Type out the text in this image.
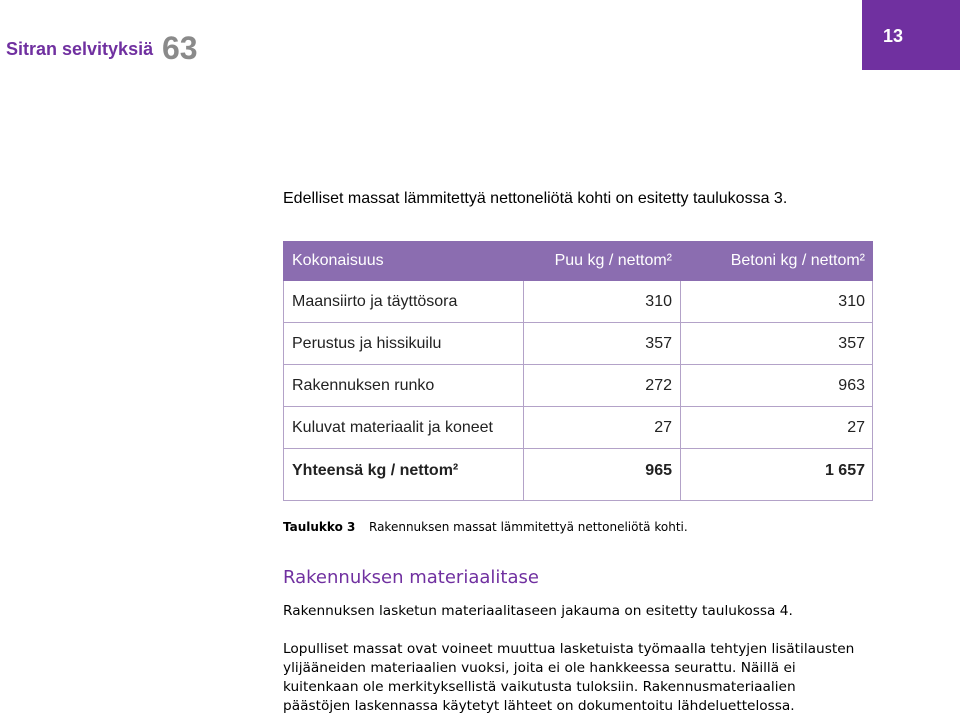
Sitran selvityksiä 63	13
Edelliset massat lämmitettyä nettoneliötä kohti on esitetty taulukossa 3.
Kokonaisuus	Puu kg / nettom²	Betoni kg / nettom²
Maansiirto ja täyttösora	310	310
Perustus ja hissikuilu	357	357
Rakennuksen runko	272	963
Kuluvat materiaalit ja koneet	27	27
Yhteensä kg / nettom²	965	1 657
Taulukko 3 Rakennuksen massat lämmitettyä nettoneliötä kohti.
Rakennuksen materiaalitase
Rakennuksen lasketun materiaalitaseen jakauma on esitetty taulukossa 4.
Lopulliset massat ovat voineet muuttua lasketuista työmaalla tehtyjen lisätilausten
ylijääneiden materiaalien vuoksi, joita ei ole hankkeessa seurattu. Näillä ei
kuitenkaan ole merkityksellistä vaikutusta tuloksiin. Rakennusmateriaalien
päästöjen laskennassa käytetyt lähteet on dokumentoitu lähdeluettelossa.
